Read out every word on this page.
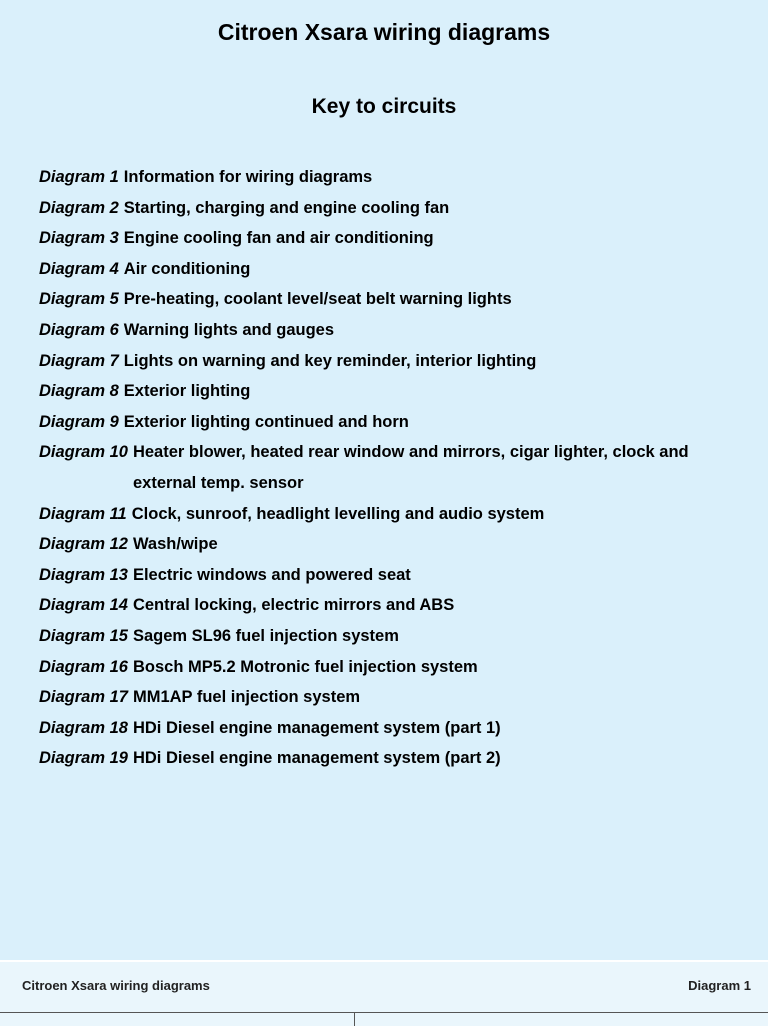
Citroen Xsara wiring diagrams
Key to circuits
Diagram 1 Information for wiring diagrams
Diagram 2 Starting, charging and engine cooling fan
Diagram 3 Engine cooling fan and air conditioning
Diagram 4 Air conditioning
Diagram 5 Pre-heating, coolant level/seat belt warning lights
Diagram 6 Warning lights and gauges
Diagram 7 Lights on warning and key reminder, interior lighting
Diagram 8 Exterior lighting
Diagram 9 Exterior lighting continued and horn
Diagram 10 Heater blower, heated rear window and mirrors, cigar lighter, clock and external temp. sensor
Diagram 11 Clock, sunroof, headlight levelling and audio system
Diagram 12 Wash/wipe
Diagram 13 Electric windows and powered seat
Diagram 14 Central locking, electric mirrors and ABS
Diagram 15 Sagem SL96 fuel injection system
Diagram 16 Bosch MP5.2 Motronic fuel injection system
Diagram 17 MM1AP fuel injection system
Diagram 18 HDi Diesel engine management system (part 1)
Diagram 19 HDi Diesel engine management system (part 2)
Citroen Xsara wiring diagrams	Diagram 1
